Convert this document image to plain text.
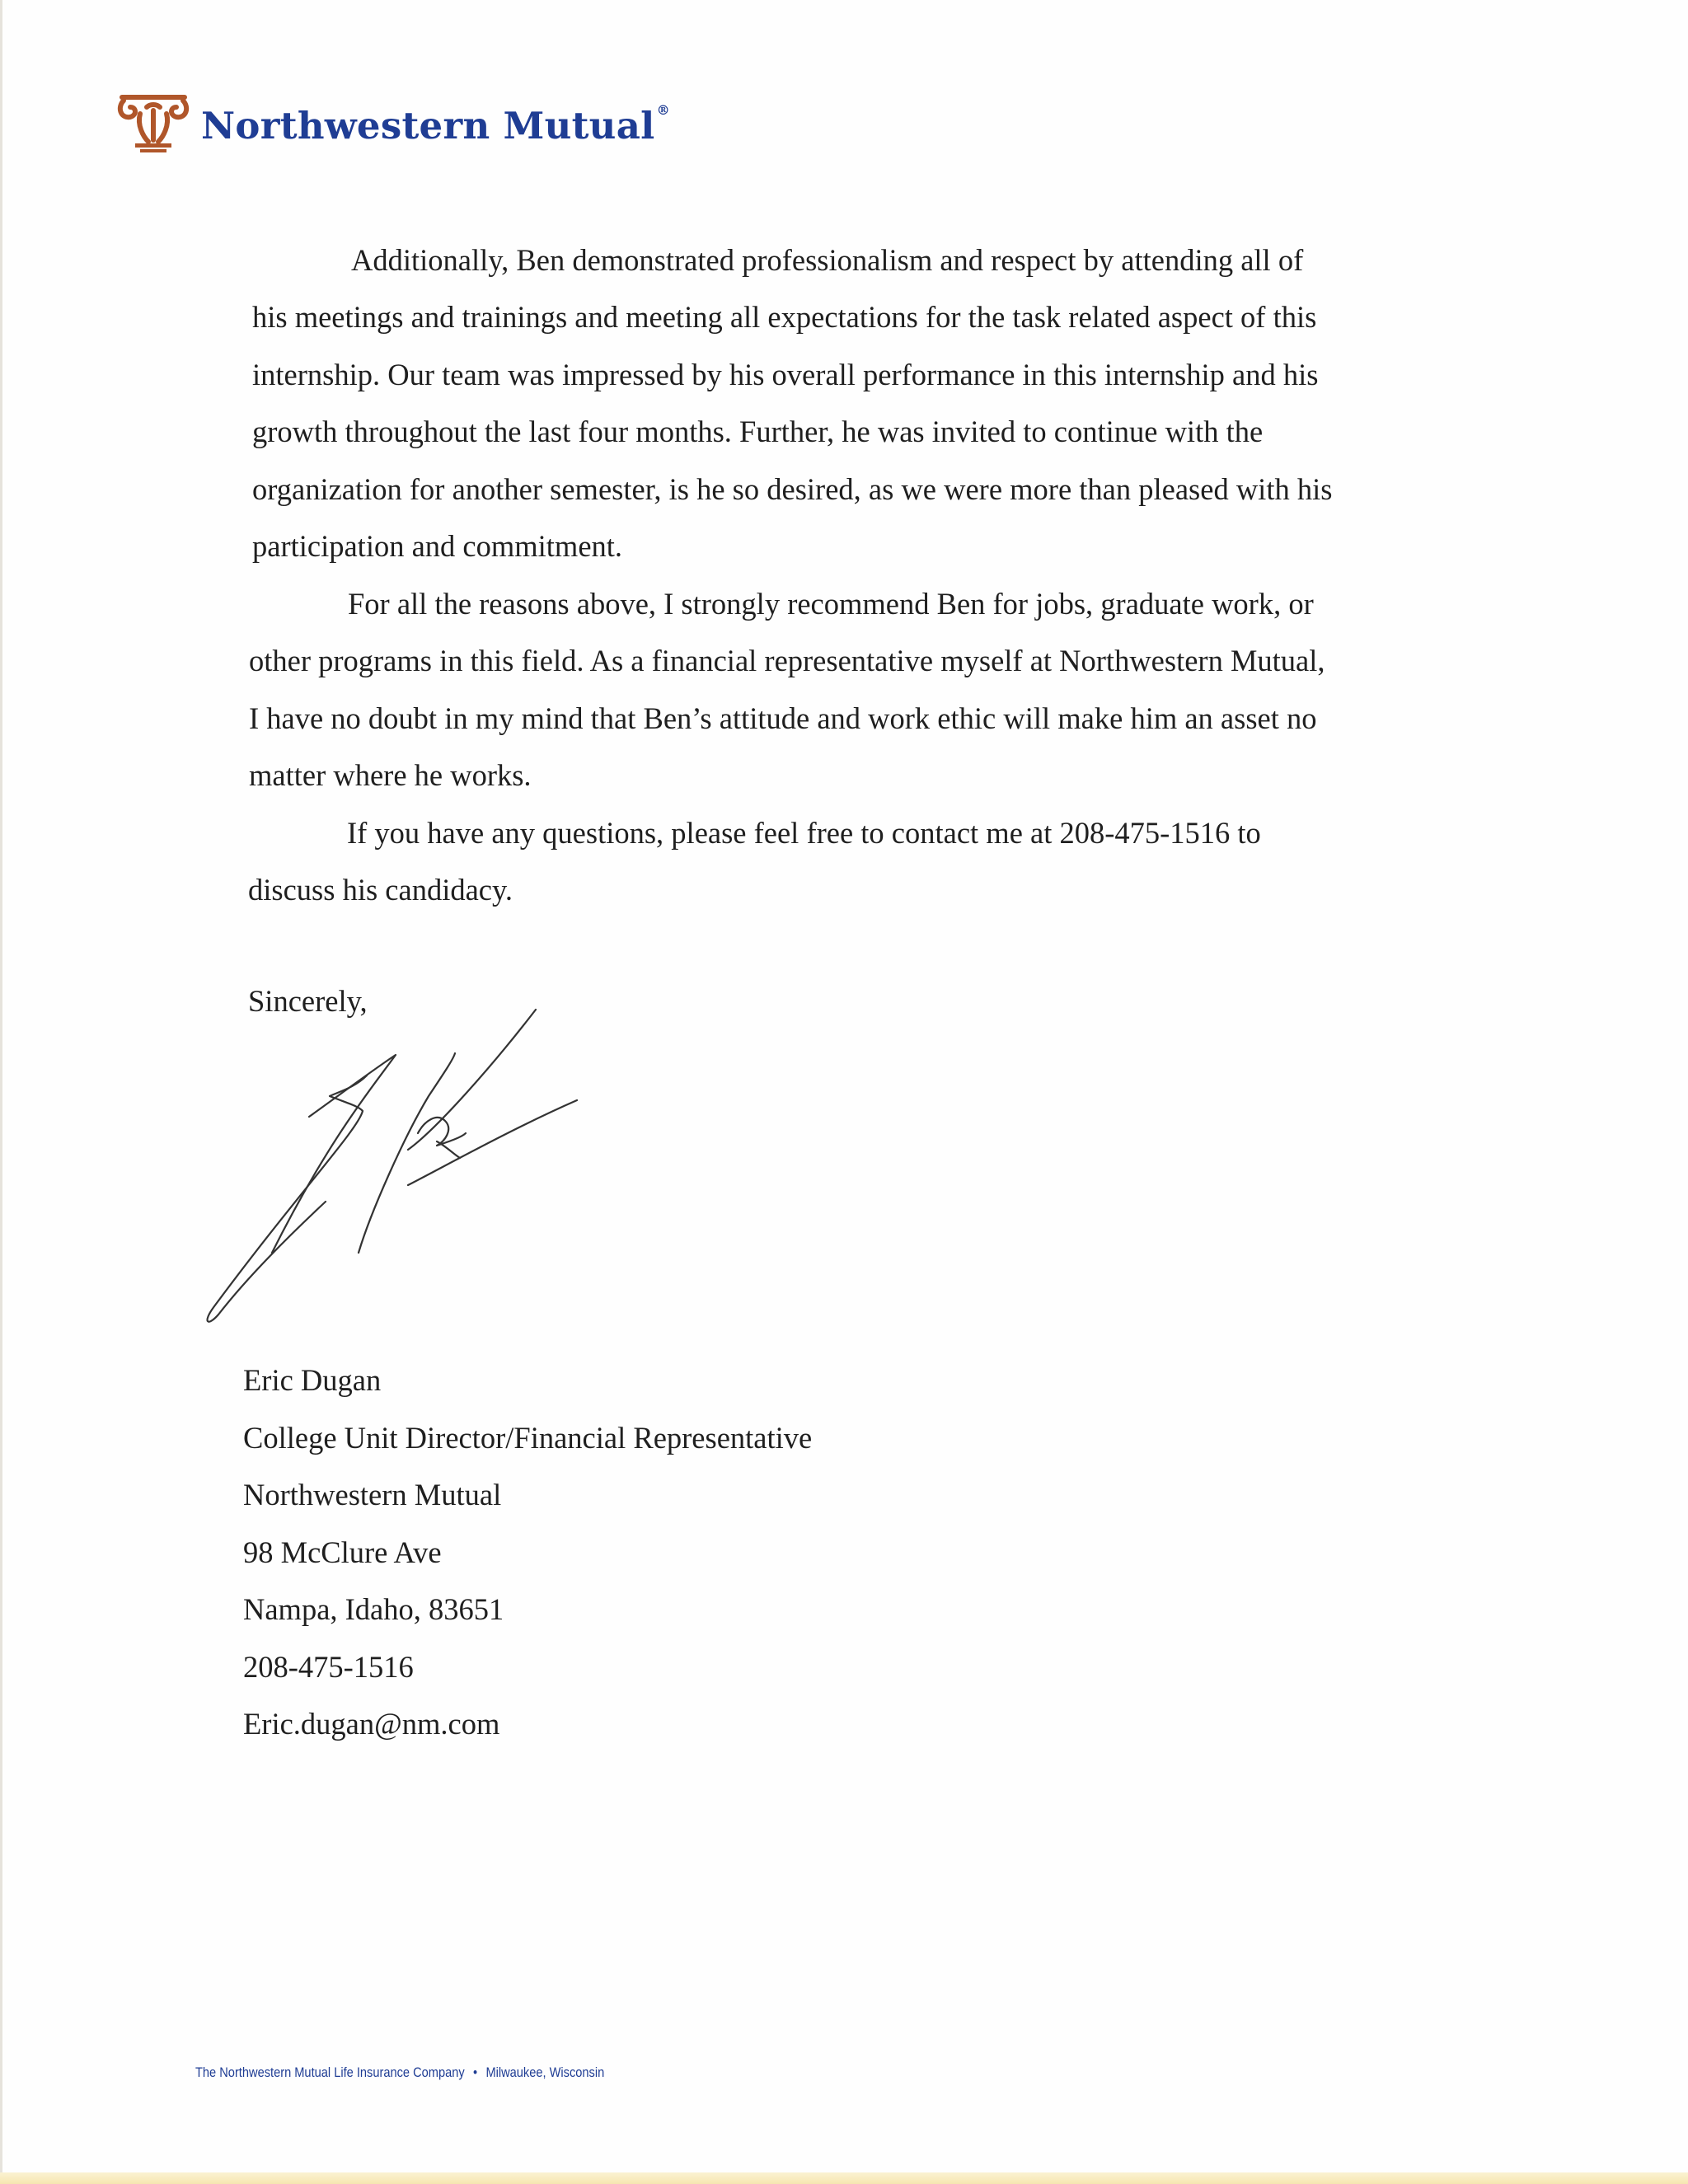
Northwestern Mutual ®

Additionally, Ben demonstrated professionalism and respect by attending all of
his meetings and trainings and meeting all expectations for the task related aspect of this
internship. Our team was impressed by his overall performance in this internship and his
growth throughout the last four months. Further, he was invited to continue with the
organization for another semester, is he so desired, as we were more than pleased with his
participation and commitment.

For all the reasons above, I strongly recommend Ben for jobs, graduate work, or
other programs in this field. As a financial representative myself at Northwestern Mutual,
I have no doubt in my mind that Ben’s attitude and work ethic will make him an asset no
matter where he works.

If you have any questions, please feel free to contact me at 208-475-1516 to
discuss his candidacy.

Sincerely,
Eric Dugan
College Unit Director/Financial Representative
Northwestern Mutual
98 McClure Ave
Nampa, Idaho, 83651
208-475-1516
Eric.dugan@nm.com
The Northwestern Mutual Life Insurance Company • Milwaukee, Wisconsin
